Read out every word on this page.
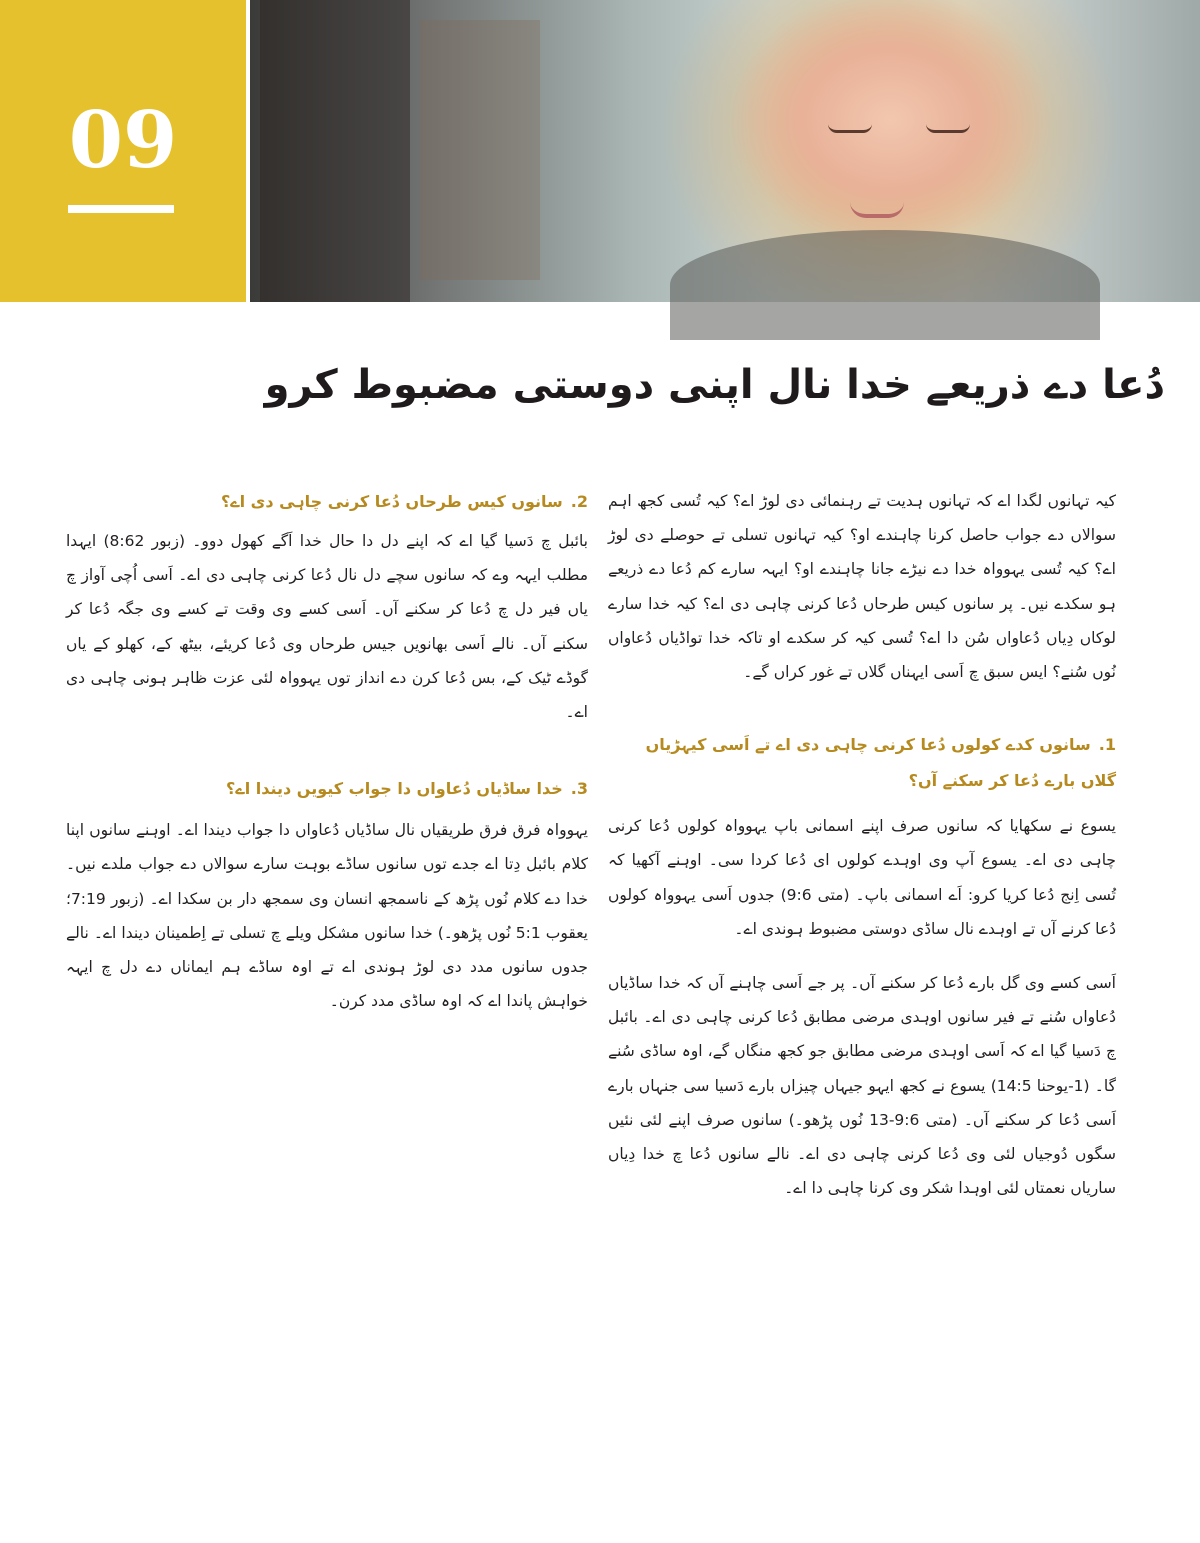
09
دُعا دے ذریعے خدا نال اپنی دوستی مضبوط کرو

کیہ تہانوں لگدا اے کہ تہانوں ہدیت تے رہنمائی دی لوڑ اے؟ کیہ تُسی کجھ اہم سوالاں دے جواب حاصل کرنا چاہندے او؟ کیہ تہانوں تسلی تے حوصلے دی لوڑ اے؟ کیہ تُسی یہوواہ خدا دے نیڑے جانا چاہندے او؟ ایہہ سارے کم دُعا دے ذریعے ہو سکدے نیں۔ پر سانوں کیس طرحاں دُعا کرنی چاہی دی اے؟ کیہ خدا سارے لوکاں دِیاں دُعاواں سُن دا اے؟ تُسی کیہ کر سکدے او تاکہ خدا تواڈیاں دُعاواں نُوں سُنے؟ ایس سبق چ اَسی ایہناں گلاں تے غور کراں گے۔

1.سانوں کدے کولوں دُعا کرنی چاہی دی اے تے اَسی کیہڑیاں گلاں بارے دُعا کر سکنے آں؟

یسوع نے سکھایا کہ سانوں صرف اپنے اسمانی باپ یہوواہ کولوں دُعا کرنی چاہی دی اے۔ یسوع آپ وی اوہدے کولوں ای دُعا کردا سی۔ اوہنے آکھیا کہ تُسی اِنج دُعا کریا کرو: اَے اسمانی باپ۔ (متی 9:6) جدوں اَسی یہوواہ کولوں دُعا کرنے آں تے اوہدے نال ساڈی دوستی مضبوط ہوندی اے۔

اَسی کسے وی گل بارے دُعا کر سکنے آں۔ پر جے اَسی چاہنے آں کہ خدا ساڈیاں دُعاواں سُنے تے فیر سانوں اوہدی مرضی مطابق دُعا کرنی چاہی دی اے۔ بائبل چ دَسیا گیا اے کہ اَسی اوہدی مرضی مطابق جو کجھ منگاں گے، اوہ ساڈی سُنے گا۔ (1-یوحنا 14:5) یسوع نے کجھ ایہو جیہاں چیزاں بارے دَسیا سی جنہاں بارے اَسی دُعا کر سکنے آں۔ (متی 9:6-13 نُوں پڑھو۔) سانوں صرف اپنے لئی نئیں سگوں دُوجیاں لئی وی دُعا کرنی چاہی دی اے۔ نالے سانوں دُعا چ خدا دِیاں ساریاں نعمتاں لئی اوہدا شکر وی کرنا چاہی دا اے۔

2.سانوں کیس طرحاں دُعا کرنی چاہی دی اے؟

بائبل چ دَسیا گیا اے کہ اپنے دل دا حال خدا اَگے کھول دوو۔ (زبور 8:62) ایہدا مطلب ایہہ وے کہ سانوں سچے دل نال دُعا کرنی چاہی دی اے۔ اَسی اُچی آواز چ یاں فیر دل چ دُعا کر سکنے آں۔ اَسی کسے وی وقت تے کسے وی جگہ دُعا کر سکنے آں۔ نالے اَسی بھانویں جیس طرحاں وی دُعا کریئے، بیٹھ کے، کھلو کے یاں گوڈے ٹیک کے، بس دُعا کرن دے انداز توں یہوواہ لئی عزت ظاہر ہونی چاہی دی اے۔

3.خدا ساڈیاں دُعاواں دا جواب کیویں دیندا اے؟

یہوواہ فرق فرق طریقیاں نال ساڈیاں دُعاواں دا جواب دیندا اے۔ اوہنے سانوں اپنا کلام بائبل دِتا اے جدے توں سانوں ساڈے بوہت سارے سوالاں دے جواب ملدے نیں۔ خدا دے کلام نُوں پڑھ کے ناسمجھ انسان وی سمجھ دار بن سکدا اے۔ (زبور 7:19؛ یعقوب 5:1 نُوں پڑھو۔) خدا سانوں مشکل ویلے چ تسلی تے اِطمینان دیندا اے۔ نالے جدوں سانوں مدد دی لوڑ ہوندی اے تے اوہ ساڈے ہم ایماناں دے دل چ ایہہ خواہش پاندا اے کہ اوہ ساڈی مدد کرن۔
